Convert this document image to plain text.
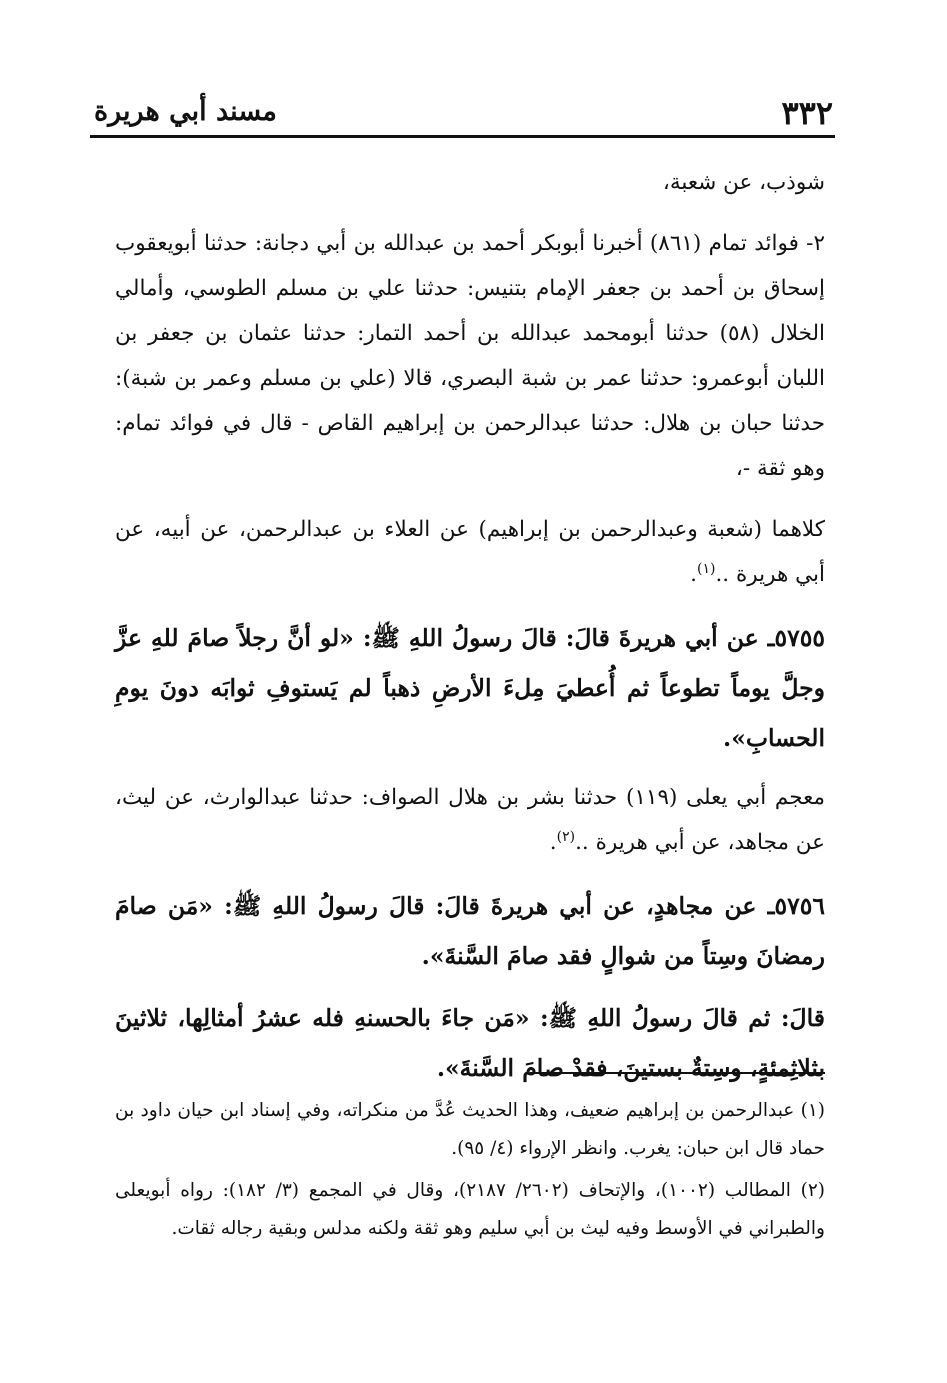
٣٣٢
مسند أبي هريرة

شوذب، عن شعبة،

٢- فوائد تمام (٨٦١) أخبرنا أبوبكر أحمد بن عبدالله بن أبي دجانة: حدثنا أبويعقوب إسحاق بن أحمد بن جعفر الإمام بتنيس: حدثنا علي بن مسلم الطوسي، وأمالي الخلال (٥٨) حدثنا أبومحمد عبدالله بن أحمد التمار: حدثنا عثمان بن جعفر بن اللبان أبوعمرو: حدثنا عمر بن شبة البصري، قالا (علي بن مسلم وعمر بن شبة): حدثنا حبان بن هلال: حدثنا عبدالرحمن بن إبراهيم القاص - قال في فوائد تمام: وهو ثقة -،

كلاهما (شعبة وعبدالرحمن بن إبراهيم) عن العلاء بن عبدالرحمن، عن أبيه، عن أبي هريرة ..$^{(١)}$.

٥٧٥٥ـ عن أبي هريرةَ قالَ: قالَ رسولُ اللهِ ﷺ: «لو أنَّ رجلاً صامَ للهِ عزَّ وجلَّ يوماً تطوعاً ثم أُعطيَ مِلءَ الأرضِ ذهباً لم يَستوفِ ثوابَه دونَ يومِ الحسابِ».

معجم أبي يعلى (١١٩) حدثنا بشر بن هلال الصواف: حدثنا عبدالوارث، عن ليث، عن مجاهد، عن أبي هريرة ..$^{(٢)}$.

٥٧٥٦ـ عن مجاهدٍ، عن أبي هريرةَ قالَ: قالَ رسولُ اللهِ ﷺ: «مَن صامَ رمضانَ وسِتاً من شوالٍ فقد صامَ السَّنةَ».

قالَ: ثم قالَ رسولُ اللهِ ﷺ: «مَن جاءَ بالحسنهِ فله عشرُ أمثالِها، ثلاثينَ بثلاثِمئةٍ، وسِتةٌ بستينَ، فقدْ صامَ السَّنةَ».

(١) عبدالرحمن بن إبراهيم ضعيف، وهذا الحديث عُدَّ من منكراته، وفي إسناد ابن حيان داود بن حماد قال ابن حبان: يغرب. وانظر الإرواء (٤/ ٩٥).

(٢) المطالب (١٠٠٢)، والإتحاف (٢٦٠٢/ ٢١٨٧)، وقال في المجمع (٣/ ١٨٢): رواه أبويعلى والطبراني في الأوسط وفيه ليث بن أبي سليم وهو ثقة ولكنه مدلس وبقية رجاله ثقات.
